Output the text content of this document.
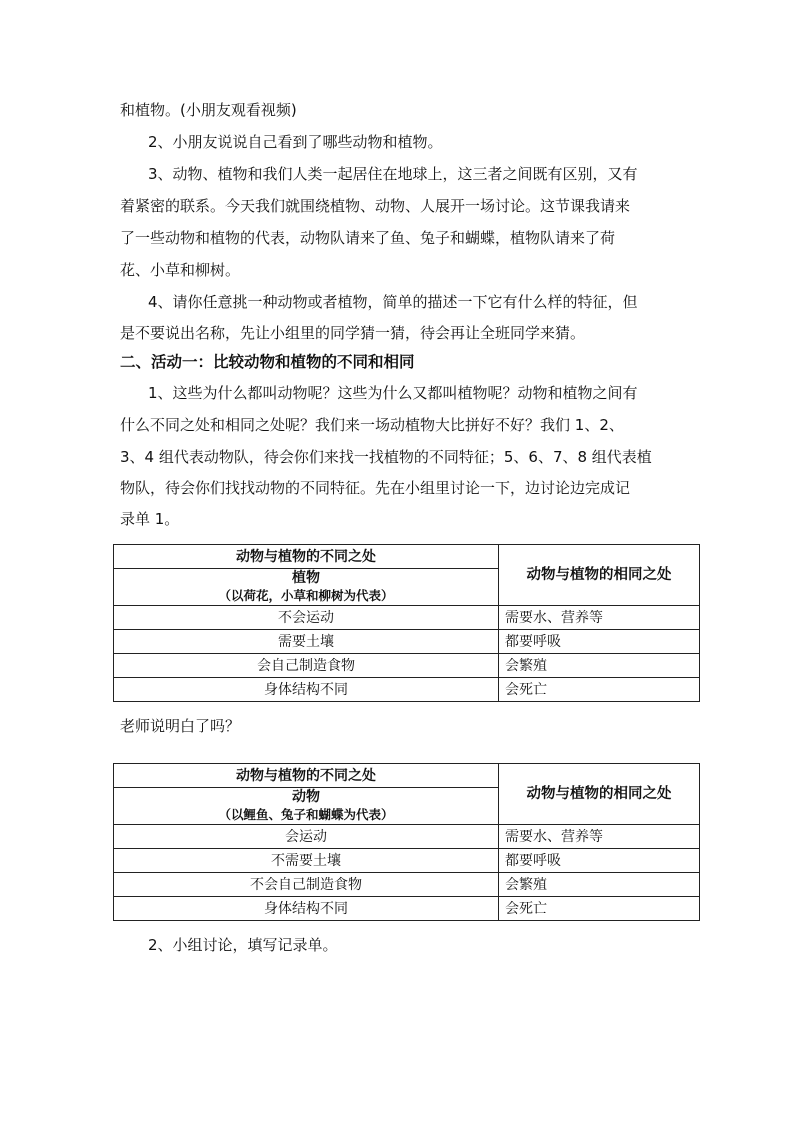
和植物。(小朋友观看视频)
2、小朋友说说自己看到了哪些动物和植物。
3、动物、植物和我们人类一起居住在地球上，这三者之间既有区别，又有
着紧密的联系。今天我们就围绕植物、动物、人展开一场讨论。这节课我请来
了一些动物和植物的代表，动物队请来了鱼、兔子和蝴蝶，植物队请来了荷
花、小草和柳树。
4、请你任意挑一种动物或者植物，简单的描述一下它有什么样的特征，但
是不要说出名称，先让小组里的同学猜一猜，待会再让全班同学来猜。
二、活动一：比较动物和植物的不同和相同
1、这些为什么都叫动物呢？这些为什么又都叫植物呢？动物和植物之间有
什么不同之处和相同之处呢？我们来一场动植物大比拼好不好？我们 1、2、
3、4 组代表动物队，待会你们来找一找植物的不同特征；5、6、7、8 组代表植
物队，待会你们找找动物的不同特征。先在小组里讨论一下，边讨论边完成记
录单 1。
动物与植物的不同之处	动物与植物的相同之处

植物
（以荷花，小草和柳树为代表）	

不会运动	需要水、营养等
需要土壤	都要呼吸
会自己制造食物	会繁殖
身体结构不同	会死亡
老师说明白了吗？
动物与植物的不同之处	动物与植物的相同之处

动物
（以鲤鱼、兔子和蝴蝶为代表）	

会运动	需要水、营养等
不需要土壤	都要呼吸
不会自己制造食物	会繁殖
身体结构不同	会死亡
2、小组讨论，填写记录单。
